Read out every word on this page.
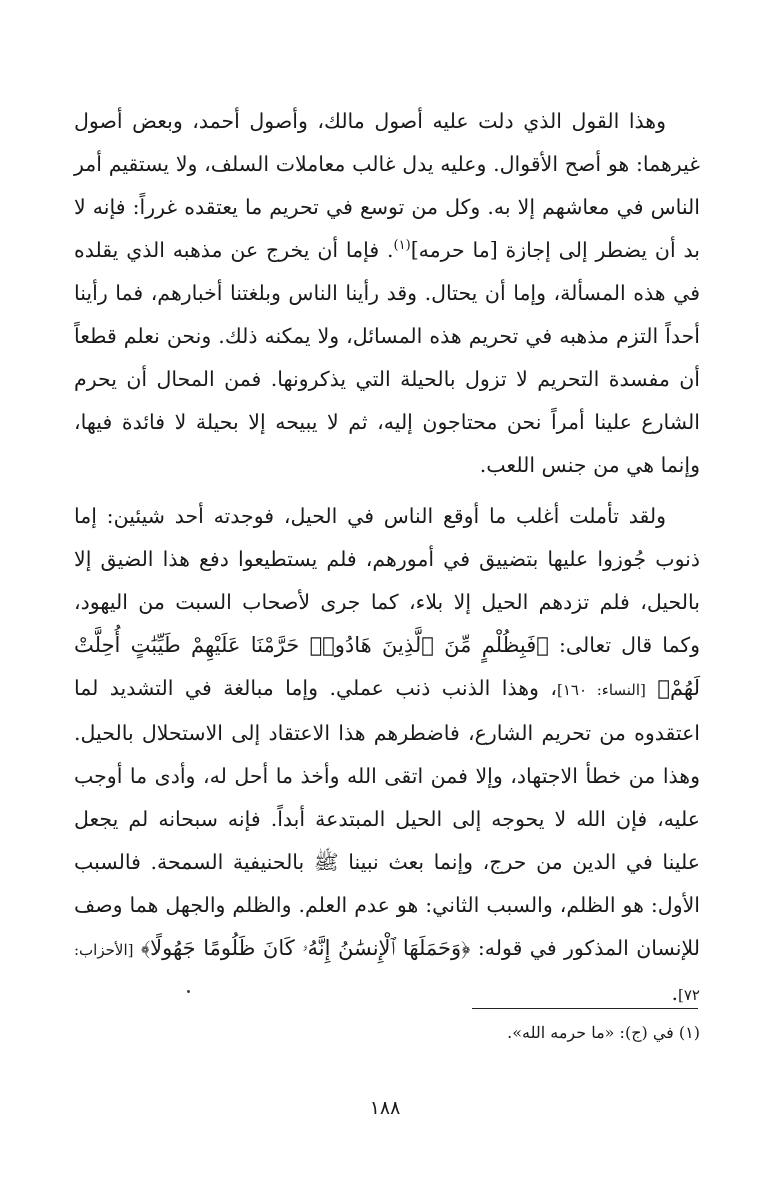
وهذا القول الذي دلت عليه أصول مالك، وأصول أحمد، وبعض أصول غيرهما: هو أصح الأقوال. وعليه يدل غالب معاملات السلف، ولا يستقيم أمر الناس في معاشهم إلا به. وكل من توسع في تحريم ما يعتقده غرراً: فإنه لا بد أن يضطر إلى إجازة [ما حرمه]$^{(١)}$. فإما أن يخرج عن مذهبه الذي يقلده في هذه المسألة، وإما أن يحتال. وقد رأينا الناس وبلغتنا أخبارهم، فما رأينا أحداً التزم مذهبه في تحريم هذه المسائل، ولا يمكنه ذلك. ونحن نعلم قطعاً أن مفسدة التحريم لا تزول بالحيلة التي يذكرونها. فمن المحال أن يحرم الشارع علينا أمراً نحن محتاجون إليه، ثم لا يبيحه إلا بحيلة لا فائدة فيها، وإنما هي من جنس اللعب.

ولقد تأملت أغلب ما أوقع الناس في الحيل، فوجدته أحد شيئين: إما ذنوب جُوزوا عليها بتضييق في أمورهم، فلم يستطيعوا دفع هذا الضيق إلا بالحيل، فلم تزدهم الحيل إلا بلاء، كما جرى لأصحاب السبت من اليهود، وكما قال تعالى: ﴿فَبِظُلْمٍ مِّنَ ٱلَّذِينَ هَادُوا۟ حَرَّمْنَا عَلَيْهِمْ طَيِّبَٰتٍ أُحِلَّتْ لَهُمْ﴾ [النساء: ١٦٠]، وهذا الذنب ذنب عملي. وإما مبالغة في التشديد لما اعتقدوه من تحريم الشارع، فاضطرهم هذا الاعتقاد إلى الاستحلال بالحيل. وهذا من خطأ الاجتهاد، وإلا فمن اتقى الله وأخذ ما أحل له، وأدى ما أوجب عليه، فإن الله لا يحوجه إلى الحيل المبتدعة أبداً. فإنه سبحانه لم يجعل علينا في الدين من حرج، وإنما بعث نبينا ﷺ بالحنيفية السمحة. فالسبب الأول: هو الظلم، والسبب الثاني: هو عدم العلم. والظلم والجهل هما وصف للإنسان المذكور في قوله: ﴿وَحَمَلَهَا ٱلْإِنسَٰنُ إِنَّهُۥ كَانَ ظَلُومًا جَهُولًا﴾ [الأحزاب: ٧٢].

(١) في (ج): «ما حرمه الله».
١٨٨
